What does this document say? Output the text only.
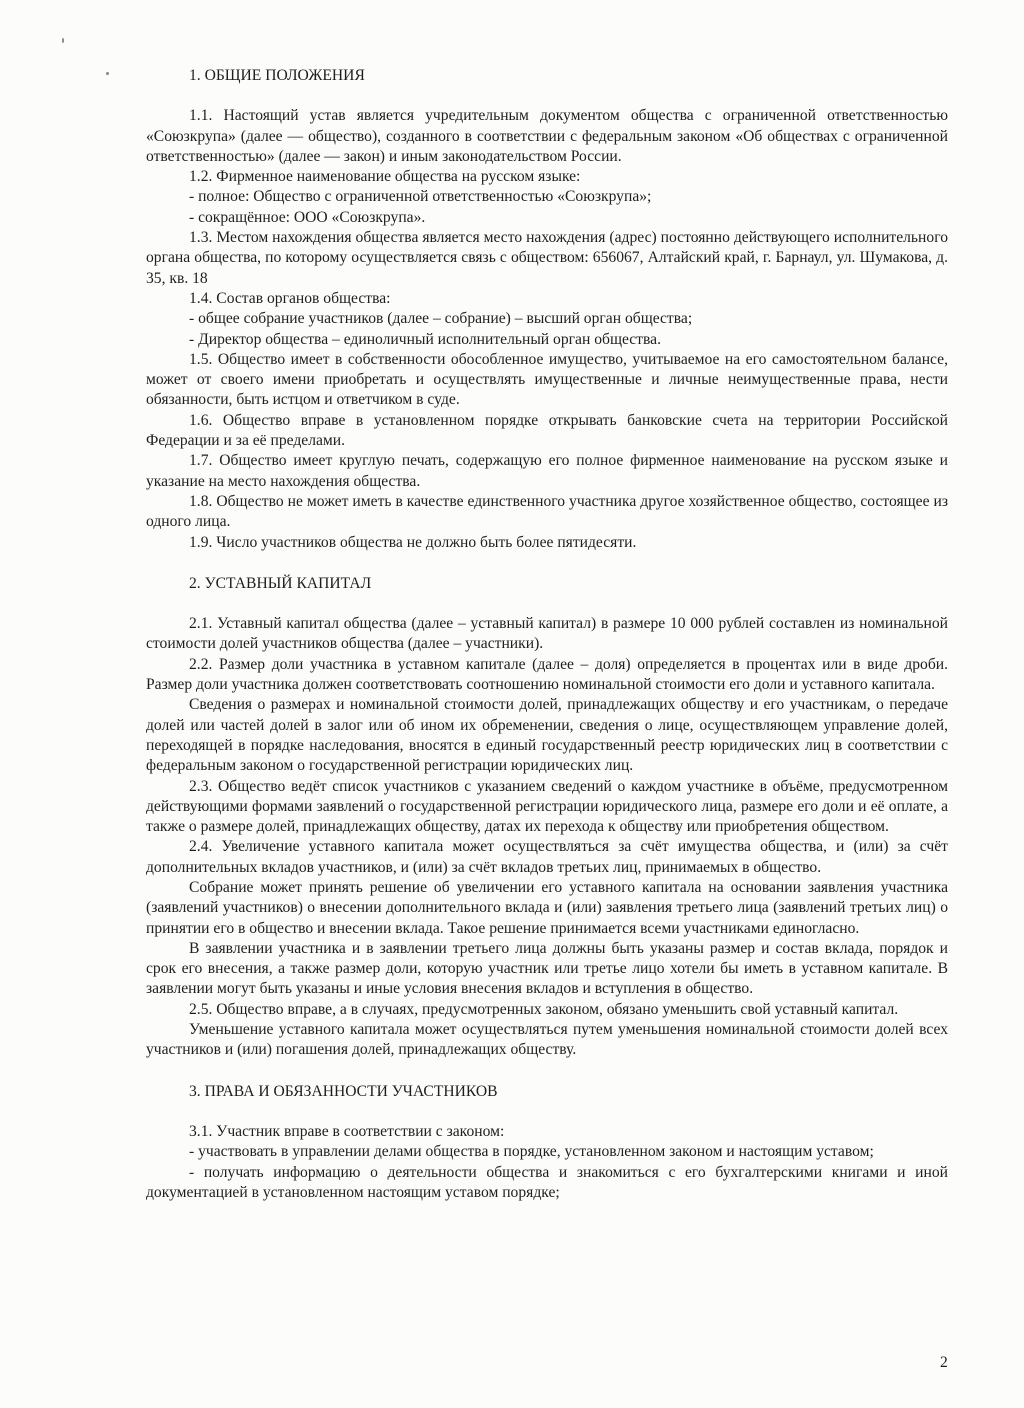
1. ОБЩИЕ ПОЛОЖЕНИЯ

1.1. Настоящий устав является учредительным документом общества с ограниченной ответственностью «Союзкрупа» (далее — общество), созданного в соответствии с федеральным законом «Об обществах с ограниченной ответственностью» (далее — закон) и иным законодательством России.

1.2. Фирменное наименование общества на русском языке:

- полное: Общество с ограниченной ответственностью «Союзкрупа»;

- сокращённое: ООО «Союзкрупа».

1.3. Местом нахождения общества является место нахождения (адрес) постоянно действующего исполнительного органа общества, по которому осуществляется связь с обществом: 656067, Алтайский край, г. Барнаул, ул. Шумакова, д. 35, кв. 18

1.4. Состав органов общества:

- общее собрание участников (далее – собрание) – высший орган общества;

- Директор общества – единоличный исполнительный орган общества.

1.5. Общество имеет в собственности обособленное имущество, учитываемое на его самостоятельном балансе, может от своего имени приобретать и осуществлять имущественные и личные неимущественные права, нести обязанности, быть истцом и ответчиком в суде.

1.6. Общество вправе в установленном порядке открывать банковские счета на территории Российской Федерации и за её пределами.

1.7. Общество имеет круглую печать, содержащую его полное фирменное наименование на русском языке и указание на место нахождения общества.

1.8. Общество не может иметь в качестве единственного участника другое хозяйственное общество, состоящее из одного лица.

1.9. Число участников общества не должно быть более пятидесяти.

2. УСТАВНЫЙ КАПИТАЛ

2.1. Уставный капитал общества (далее – уставный капитал) в размере 10 000 рублей составлен из номинальной стоимости долей участников общества (далее – участники).

2.2. Размер доли участника в уставном капитале (далее – доля) определяется в процентах или в виде дроби. Размер доли участника должен соответствовать соотношению номинальной стоимости его доли и уставного капитала.

Сведения о размерах и номинальной стоимости долей, принадлежащих обществу и его участникам, о передаче долей или частей долей в залог или об ином их обременении, сведения о лице, осуществляющем управление долей, переходящей в порядке наследования, вносятся в единый государственный реестр юридических лиц в соответствии с федеральным законом о государственной регистрации юридических лиц.

2.3. Общество ведёт список участников с указанием сведений о каждом участнике в объёме, предусмотренном действующими формами заявлений о государственной регистрации юридического лица, размере его доли и её оплате, а также о размере долей, принадлежащих обществу, датах их перехода к обществу или приобретения обществом.

2.4. Увеличение уставного капитала может осуществляться за счёт имущества общества, и (или) за счёт дополнительных вкладов участников, и (или) за счёт вкладов третьих лиц, принимаемых в общество.

Собрание может принять решение об увеличении его уставного капитала на основании заявления участника (заявлений участников) о внесении дополнительного вклада и (или) заявления третьего лица (заявлений третьих лиц) о принятии его в общество и внесении вклада. Такое решение принимается всеми участниками единогласно.

В заявлении участника и в заявлении третьего лица должны быть указаны размер и состав вклада, порядок и срок его внесения, а также размер доли, которую участник или третье лицо хотели бы иметь в уставном капитале. В заявлении могут быть указаны и иные условия внесения вкладов и вступления в общество.

2.5. Общество вправе, а в случаях, предусмотренных законом, обязано уменьшить свой уставный капитал.

Уменьшение уставного капитала может осуществляться путем уменьшения номинальной стоимости долей всех участников и (или) погашения долей, принадлежащих обществу.

3. ПРАВА И ОБЯЗАННОСТИ УЧАСТНИКОВ

3.1. Участник вправе в соответствии с законом:

- участвовать в управлении делами общества в порядке, установленном законом и настоящим уставом;

- получать информацию о деятельности общества и знакомиться с его бухгалтерскими книгами и иной документацией в установленном настоящим уставом порядке;

2
